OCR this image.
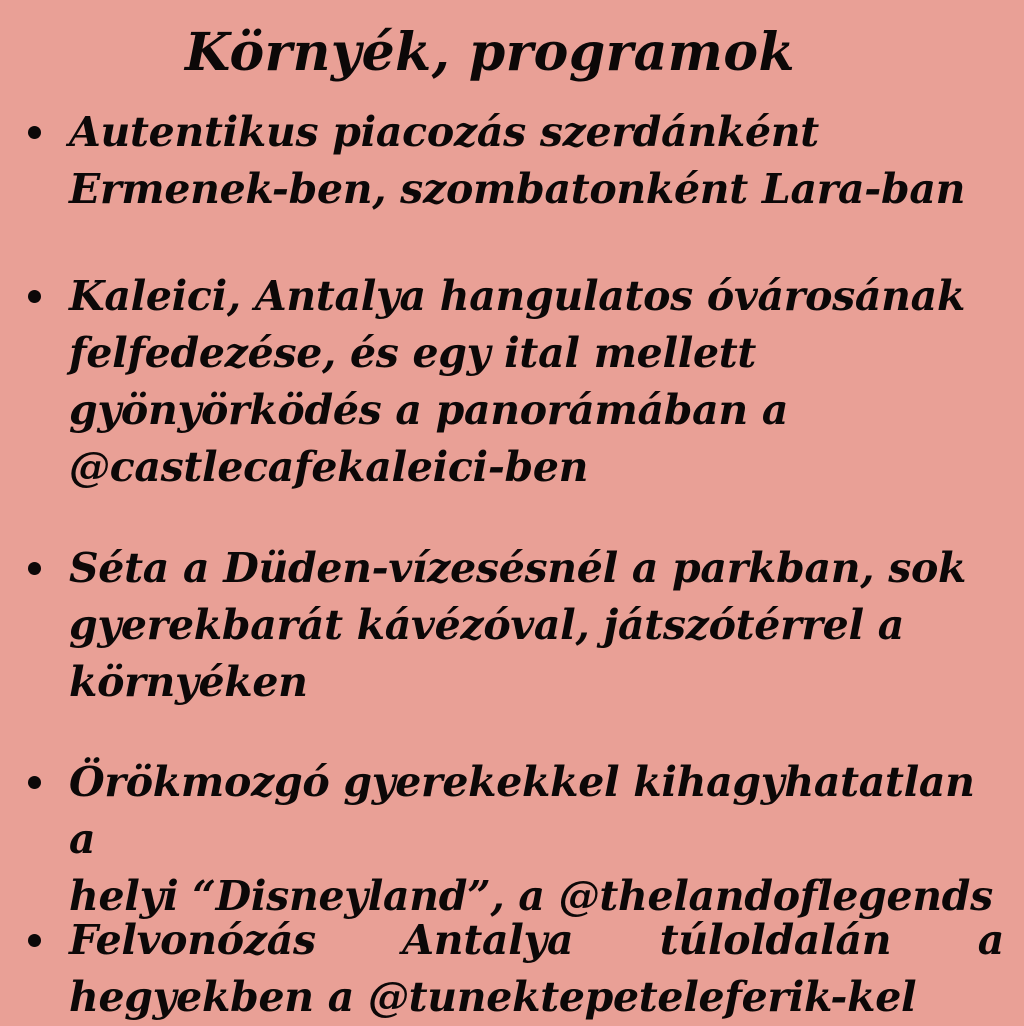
Környék, programok
Autentikus piacozás szerdánként
Ermenek-ben, szombatonként Lara-ban
Kaleici, Antalya hangulatos óvárosának
felfedezése, és egy ital mellett
gyönyörködés a panorámában a
@castlecafekaleici-ben
Séta a Düden-vízesésnél a parkban, sok
gyerekbarát kávézóval, játszótérrel a
környéken
Örökmozgó gyerekekkel kihagyhatatlan a
helyi “Disneyland”, a @thelandoflegends
Felvonózás Antalya túloldalán a hegyekben a @tunektepeteleferik-kel
